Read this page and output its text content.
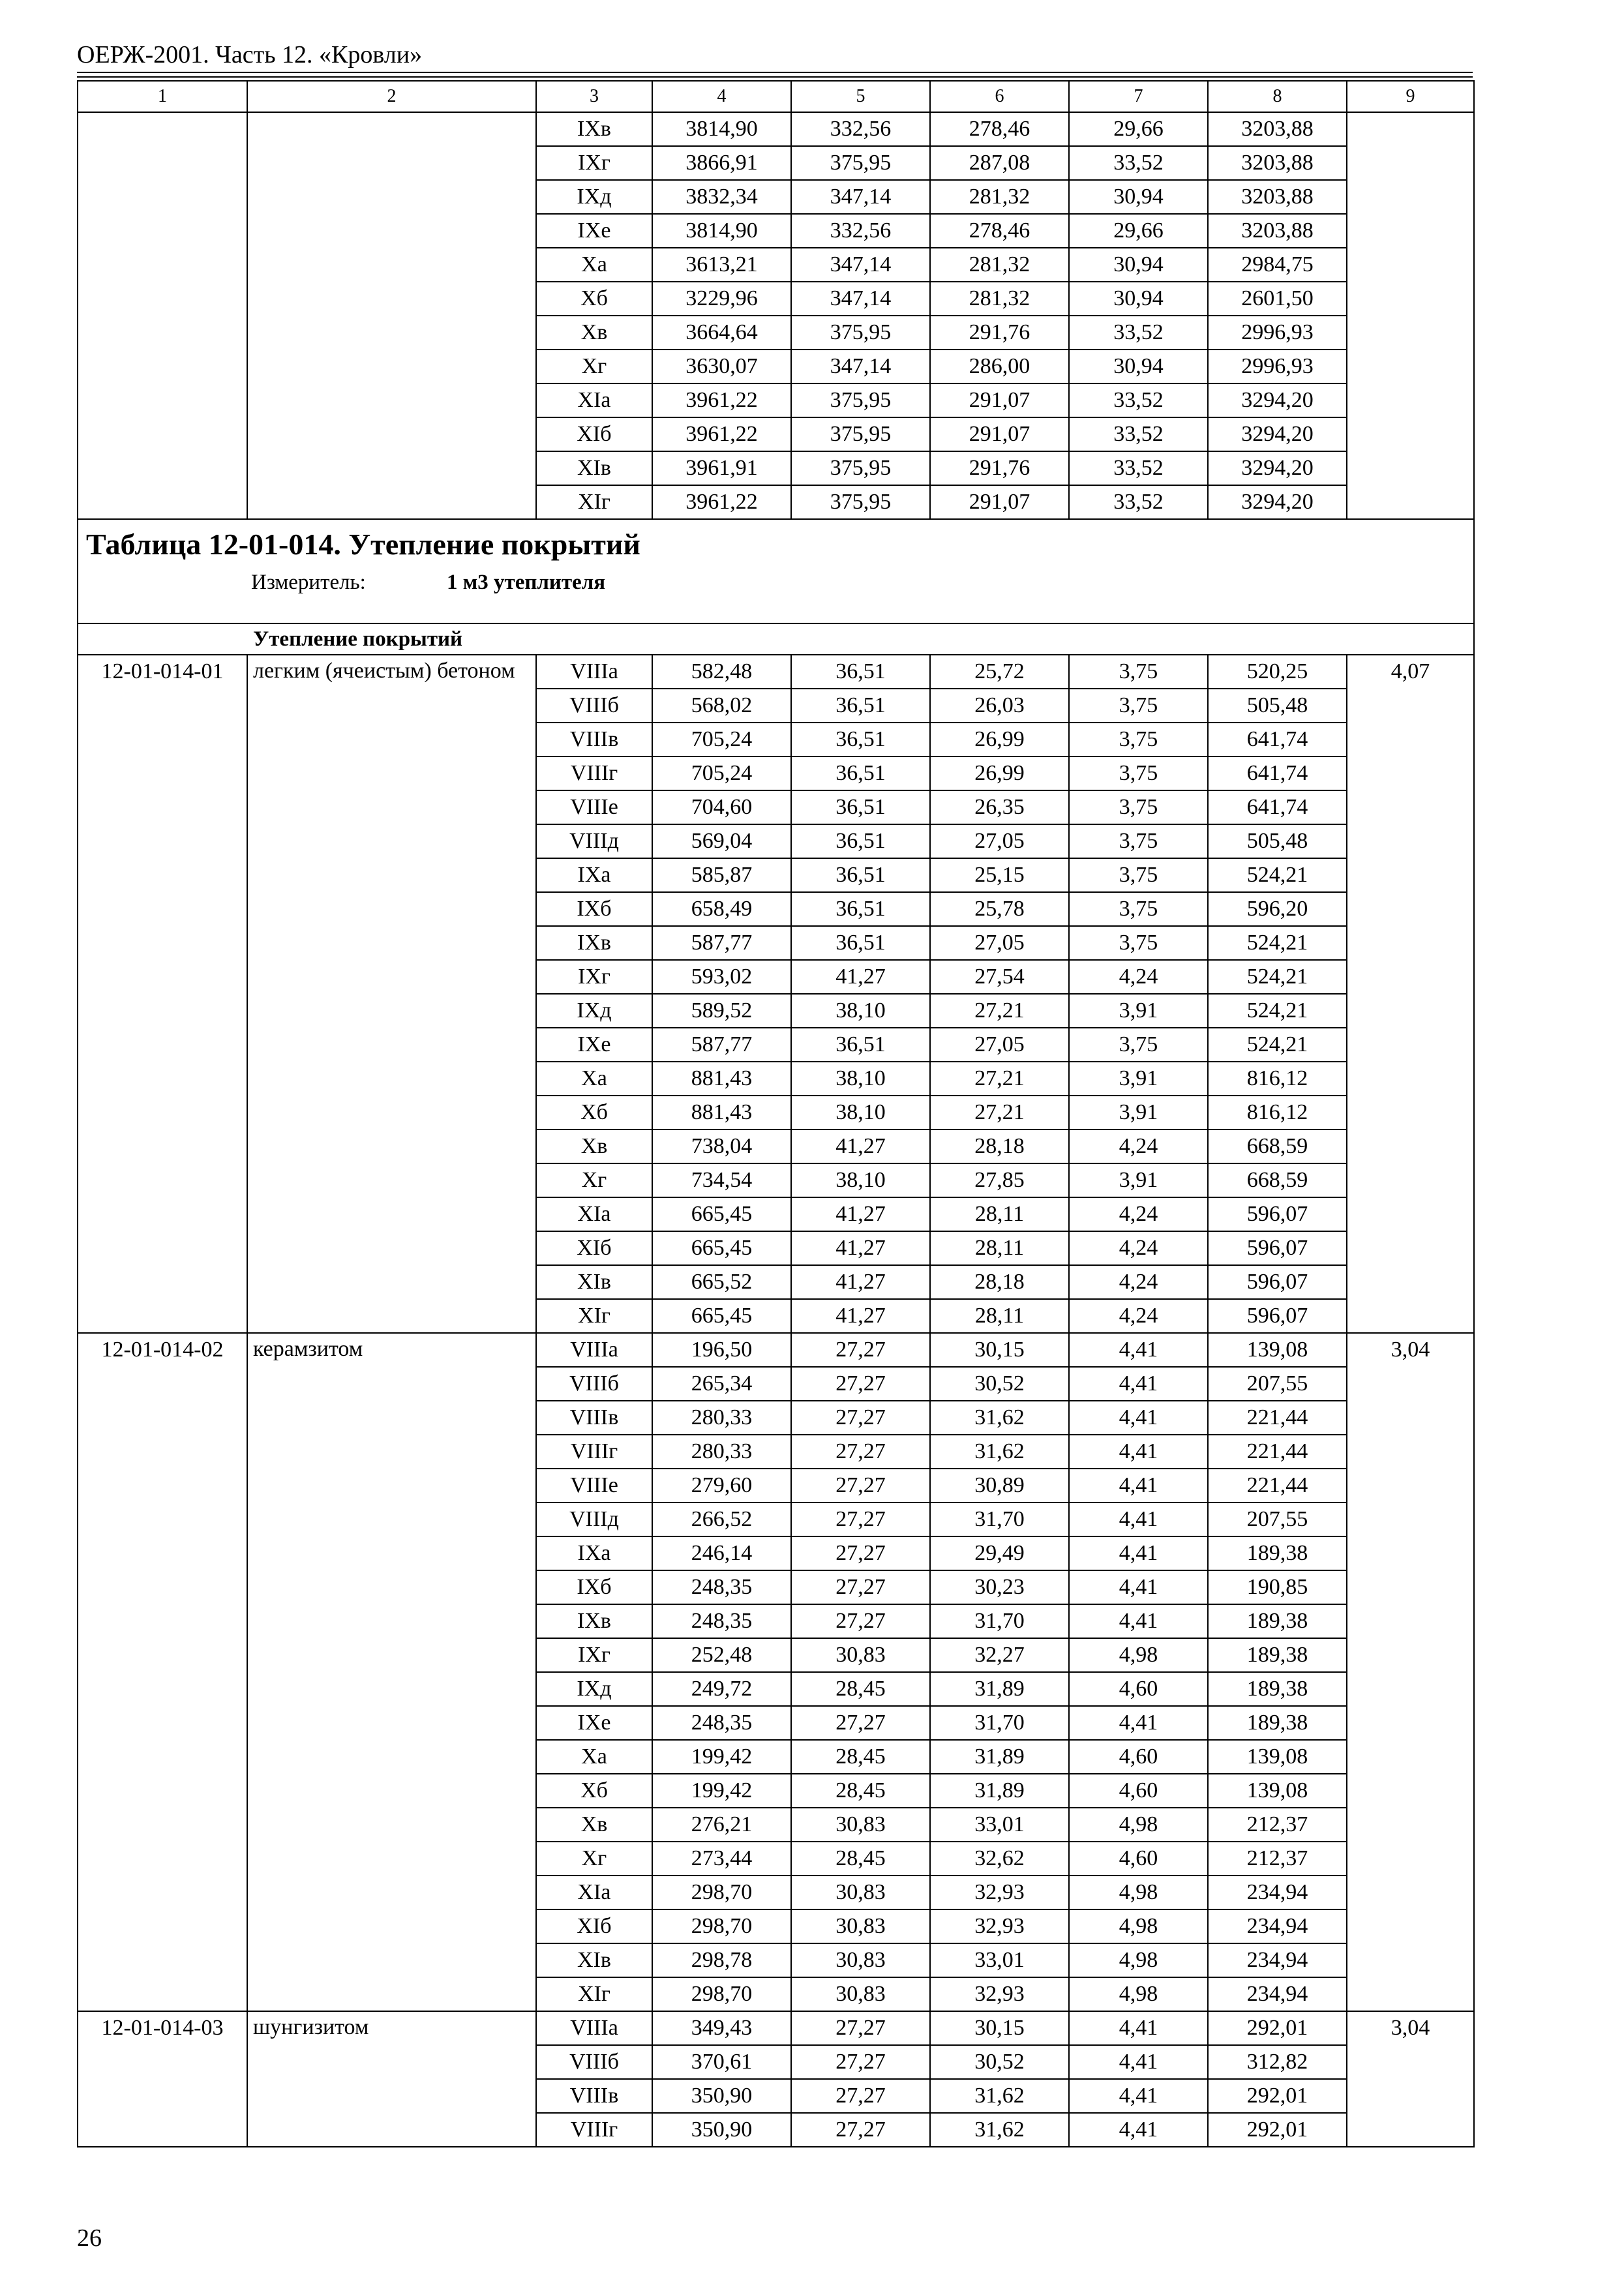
ОЕРЖ-2001. Часть 12. «Кровли»
1	2	3	4	5	6	7	8	9
		IXв	3814,90	332,56	278,46	29,66	3203,88	
		IXг	3866,91	375,95	287,08	33,52	3203,88	
		IXд	3832,34	347,14	281,32	30,94	3203,88	
		IXе	3814,90	332,56	278,46	29,66	3203,88	
		Xа	3613,21	347,14	281,32	30,94	2984,75	
		Xб	3229,96	347,14	281,32	30,94	2601,50	
		Xв	3664,64	375,95	291,76	33,52	2996,93	
		Xг	3630,07	347,14	286,00	30,94	2996,93	
		XIа	3961,22	375,95	291,07	33,52	3294,20	
		XIб	3961,22	375,95	291,07	33,52	3294,20	
		XIв	3961,91	375,95	291,76	33,52	3294,20	
		XIг	3961,22	375,95	291,07	33,52	3294,20	

Таблица 12-01-014. Утепление покрытий
Измеритель: 1 м3 утеплителя								

Утепление покрытий								
12-01-014-01	легким (ячеистым) бетоном	VIIIа	582,48	36,51	25,72	3,75	520,25	4,07
		VIIIб	568,02	36,51	26,03	3,75	505,48	
		VIIIв	705,24	36,51	26,99	3,75	641,74	
		VIIIг	705,24	36,51	26,99	3,75	641,74	
		VIIIе	704,60	36,51	26,35	3,75	641,74	
		VIIIд	569,04	36,51	27,05	3,75	505,48	
		IXа	585,87	36,51	25,15	3,75	524,21	
		IXб	658,49	36,51	25,78	3,75	596,20	
		IXв	587,77	36,51	27,05	3,75	524,21	
		IXг	593,02	41,27	27,54	4,24	524,21	
		IXд	589,52	38,10	27,21	3,91	524,21	
		IXе	587,77	36,51	27,05	3,75	524,21	
		Xа	881,43	38,10	27,21	3,91	816,12	
		Xб	881,43	38,10	27,21	3,91	816,12	
		Xв	738,04	41,27	28,18	4,24	668,59	
		Xг	734,54	38,10	27,85	3,91	668,59	
		XIа	665,45	41,27	28,11	4,24	596,07	
		XIб	665,45	41,27	28,11	4,24	596,07	
		XIв	665,52	41,27	28,18	4,24	596,07	
		XIг	665,45	41,27	28,11	4,24	596,07	
12-01-014-02	керамзитом	VIIIа	196,50	27,27	30,15	4,41	139,08	3,04
		VIIIб	265,34	27,27	30,52	4,41	207,55	
		VIIIв	280,33	27,27	31,62	4,41	221,44	
		VIIIг	280,33	27,27	31,62	4,41	221,44	
		VIIIе	279,60	27,27	30,89	4,41	221,44	
		VIIIд	266,52	27,27	31,70	4,41	207,55	
		IXа	246,14	27,27	29,49	4,41	189,38	
		IXб	248,35	27,27	30,23	4,41	190,85	
		IXв	248,35	27,27	31,70	4,41	189,38	
		IXг	252,48	30,83	32,27	4,98	189,38	
		IXд	249,72	28,45	31,89	4,60	189,38	
		IXе	248,35	27,27	31,70	4,41	189,38	
		Xа	199,42	28,45	31,89	4,60	139,08	
		Xб	199,42	28,45	31,89	4,60	139,08	
		Xв	276,21	30,83	33,01	4,98	212,37	
		Xг	273,44	28,45	32,62	4,60	212,37	
		XIа	298,70	30,83	32,93	4,98	234,94	
		XIб	298,70	30,83	32,93	4,98	234,94	
		XIв	298,78	30,83	33,01	4,98	234,94	
		XIг	298,70	30,83	32,93	4,98	234,94	
12-01-014-03	шунгизитом	VIIIа	349,43	27,27	30,15	4,41	292,01	3,04
		VIIIб	370,61	27,27	30,52	4,41	312,82	
		VIIIв	350,90	27,27	31,62	4,41	292,01	
		VIIIг	350,90	27,27	31,62	4,41	292,01	
26
